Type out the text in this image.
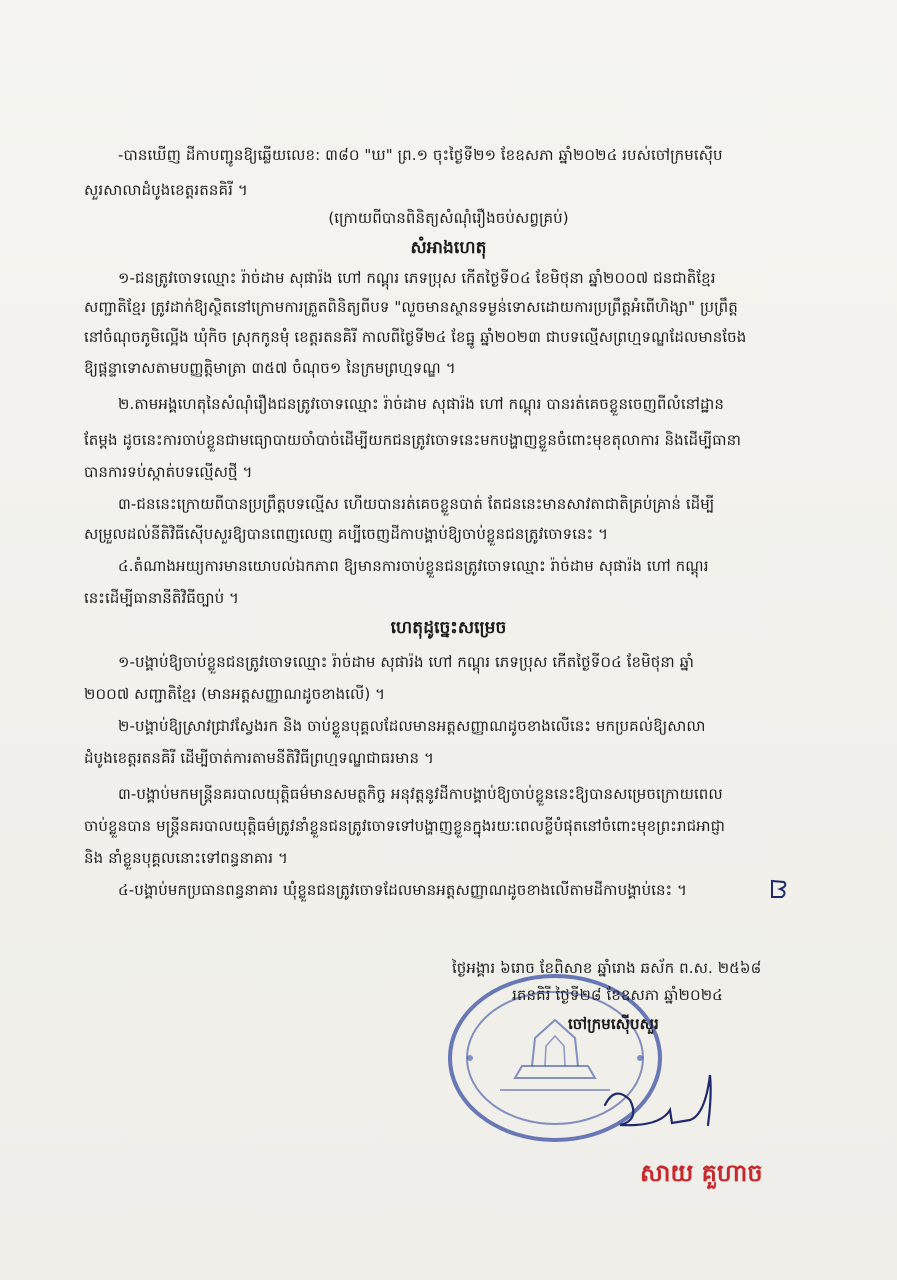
-បានឃើញ ដីកាបញ្ជូនឱ្យឆ្លើយលេខ: ៣៨០ "ឃ" ព្រ.១ ចុះថ្ងៃទី២១ ខែឧសភា ឆ្នាំ២០២៤ របស់ចៅក្រមស៊ើប
សួរសាលាដំបូងខេត្តរតនគិរី ។
(ក្រោយពីបានពិនិត្យសំណុំរឿងចប់សព្វគ្រប់)
សំអាងហេតុ
១-ជនត្រូវចោទឈ្មោះ រ៉ាច់ដាម សុផារ៉ង ហៅ កណ្តុរ ភេទប្រុស កើតថ្ងៃទី០៤ ខែមិថុនា ឆ្នាំ២០០៧ ជនជាតិខ្មែរ
សញ្ជាតិខ្មែរ ត្រូវដាក់ឱ្យស្ថិតនៅក្រោមការត្រួតពិនិត្យពីបទ "លួចមានស្ថានទម្ងន់ទោសដោយការប្រព្រឹត្តអំពើហិង្សា" ប្រព្រឹត្ត
នៅចំណុចភូមិល្អើង ឃុំកិច ស្រុកកូនមុំ ខេត្តរតនគិរី កាលពីថ្ងៃទី២៤ ខែធ្នូ ឆ្នាំ២០២៣ ជាបទល្មើសព្រហ្មទណ្ឌដែលមានចែង
ឱ្យផ្តន្ទាទោសតាមបញ្ញត្តិមាត្រា ៣៥៧ ចំណុច១ នៃក្រមព្រហ្មទណ្ឌ ។
២.តាមអង្គហេតុនៃសំណុំរឿងជនត្រូវចោទឈ្មោះ រ៉ាច់ដាម សុផារ៉ង ហៅ កណ្តុរ បានរត់គេចខ្លួនចេញពីលំនៅដ្ឋាន
តែម្តង ដូចនេះការចាប់ខ្លួនជាមធ្យោបាយចាំបាច់ដើម្បីយកជនត្រូវចោទនេះមកបង្ហាញខ្លួនចំពោះមុខតុលាការ និងដើម្បីធានា
បានការទប់ស្កាត់បទល្មើសថ្មី ។
៣-ជននេះក្រោយពីបានប្រព្រឹត្តបទល្មើស ហើយបានរត់គេចខ្លួនបាត់ តែជននេះមានសាវតាជាតិគ្រប់គ្រាន់ ដើម្បី
សម្រួលដល់នីតិវិធីស៊ើបសួរឱ្យបានពេញលេញ គប្បីចេញដីកាបង្គាប់ឱ្យចាប់ខ្លួនជនត្រូវចោទនេះ ។
៤.តំណាងអយ្យការមានយោបល់ឯកភាព ឱ្យមានការចាប់ខ្លួនជនត្រូវចោទឈ្មោះ រ៉ាច់ដាម សុផារ៉ង ហៅ កណ្តុរ
នេះដើម្បីធានានីតិវិធីច្បាប់ ។
ហេតុដូច្នេះសម្រេច
១-បង្គាប់ឱ្យចាប់ខ្លួនជនត្រូវចោទឈ្មោះ រ៉ាច់ដាម សុផារ៉ង ហៅ កណ្តុរ ភេទប្រុស កើតថ្ងៃទី០៤ ខែមិថុនា ឆ្នាំ
២០០៧ សញ្ជាតិខ្មែរ (មានអត្តសញ្ញាណដូចខាងលើ) ។
២-បង្គាប់ឱ្យស្រាវជ្រាវស្វែងរក និង ចាប់ខ្លួនបុគ្គលដែលមានអត្តសញ្ញាណដូចខាងលើនេះ មកប្រគល់ឱ្យសាលា
ដំបូងខេត្តរតនគិរី ដើម្បីចាត់ការតាមនីតិវិធីព្រហ្មទណ្ឌជាធរមាន ។
៣-បង្គាប់មកមន្ត្រីនគរបាលយុត្តិធម៌មានសមត្ថកិច្ច អនុវត្តនូវដីកាបង្គាប់ឱ្យចាប់ខ្លួននេះឱ្យបានសម្រេចក្រោយពេល
ចាប់ខ្លួនបាន មន្ត្រីនគរបាលយុត្តិធម៌ត្រូវនាំខ្លួនជនត្រូវចោទទៅបង្ហាញខ្លួនក្នុងរយៈពេលខ្លីបំផុតនៅចំពោះមុខព្រះរាជអាជ្ញា
និង នាំខ្លួនបុគ្គលនោះទៅពន្ធនាគារ ។
៤-បង្គាប់មកប្រធានពន្ធនាគារ ឃុំខ្លួនជនត្រូវចោទដែលមានអត្តសញ្ញាណដូចខាងលើតាមដីកាបង្គាប់នេះ ។
ថ្ងៃអង្គារ ៦រោច ខែពិសាខ ឆ្នាំរោង ឆស័ក ព.ស. ២៥៦៨
រតនគិរី ថ្ងៃទី២៨ ខែឧសភា ឆ្នាំ២០២៤
ចៅក្រមស៊ើបសួរ
សាយ គួហាច
